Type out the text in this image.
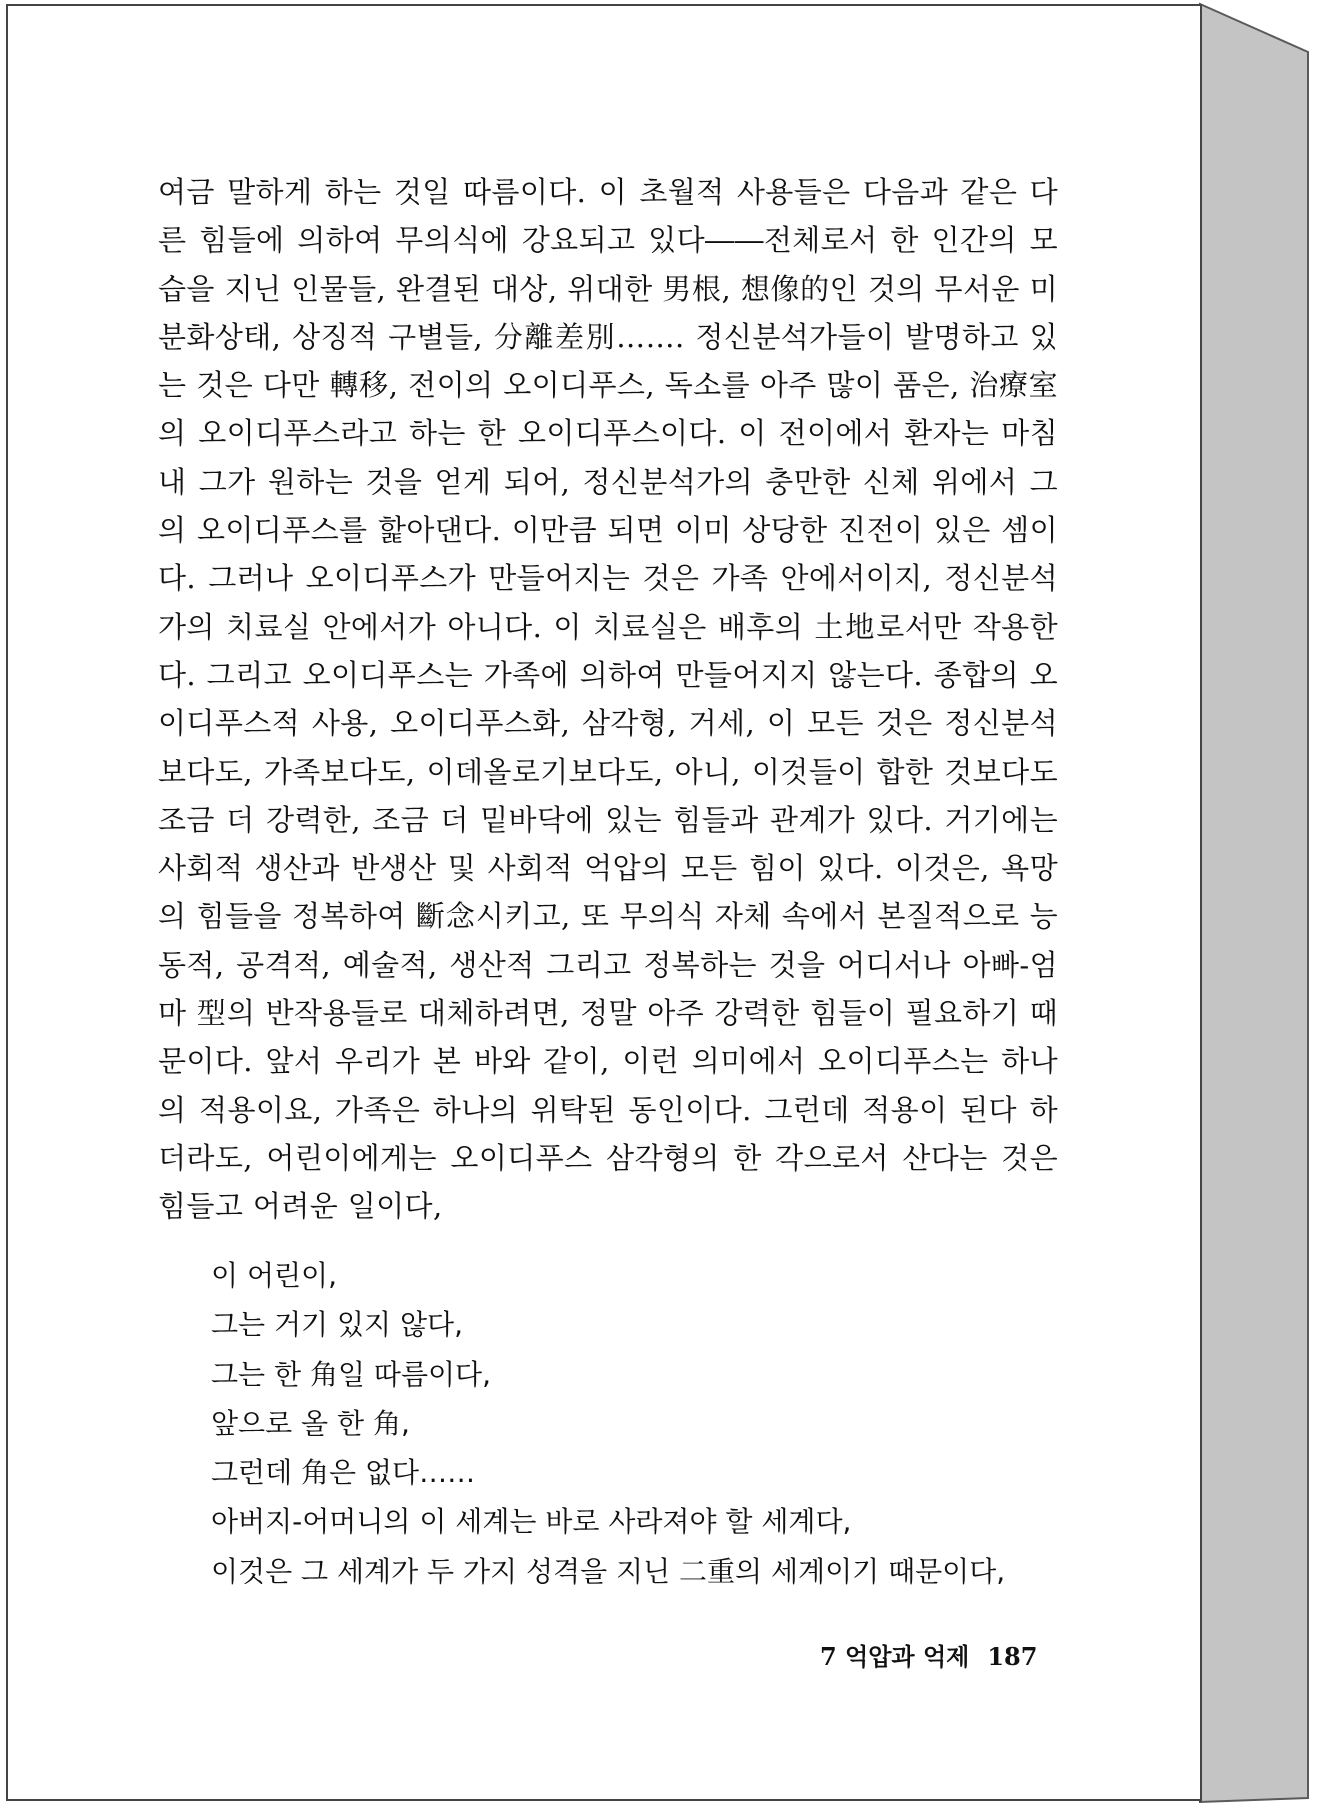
여금 말하게 하는 것일 따름이다. 이 초월적 사용들은 다음과 같은 다른 힘들에 의하여 무의식에 강요되고 있다――전체로서 한 인간의 모습을 지닌 인물들, 완결된 대상, 위대한 男根, 想像的인 것의 무서운 미분화상태, 상징적 구별들, 分離差別……. 정신분석가들이 발명하고 있는 것은 다만 轉移, 전이의 오이디푸스, 독소를 아주 많이 품은, 治療室의 오이디푸스라고 하는 한 오이디푸스이다. 이 전이에서 환자는 마침내 그가 원하는 것을 얻게 되어, 정신분석가의 충만한 신체 위에서 그의 오이디푸스를 핥아댄다. 이만큼 되면 이미 상당한 진전이 있은 셈이다. 그러나 오이디푸스가 만들어지는 것은 가족 안에서이지, 정신분석가의 치료실 안에서가 아니다. 이 치료실은 배후의 土地로서만 작용한다. 그리고 오이디푸스는 가족에 의하여 만들어지지 않는다. 종합의 오이디푸스적 사용, 오이디푸스화, 삼각형, 거세, 이 모든 것은 정신분석보다도, 가족보다도, 이데올로기보다도, 아니, 이것들이 합한 것보다도 조금 더 강력한, 조금 더 밑바닥에 있는 힘들과 관계가 있다. 거기에는 사회적 생산과 반생산 및 사회적 억압의 모든 힘이 있다. 이것은, 욕망의 힘들을 정복하여 斷念시키고, 또 무의식 자체 속에서 본질적으로 능동적, 공격적, 예술적, 생산적 그리고 정복하는 것을 어디서나 아빠-엄마 型의 반작용들로 대체하려면, 정말 아주 강력한 힘들이 필요하기 때문이다. 앞서 우리가 본 바와 같이, 이런 의미에서 오이디푸스는 하나의 적용이요, 가족은 하나의 위탁된 동인이다. 그런데 적용이 된다 하더라도, 어린이에게는 오이디푸스 삼각형의 한 각으로서 산다는 것은 힘들고 어려운 일이다,

이 어린이,
그는 거기 있지 않다,
그는 한 角일 따름이다,
앞으로 올 한 角,
그런데 角은 없다……
아버지-어머니의 이 세계는 바로 사라져야 할 세계다,
이것은 그 세계가 두 가지 성격을 지닌 二重의 세계이기 때문이다,
7 억압과 억제 187
